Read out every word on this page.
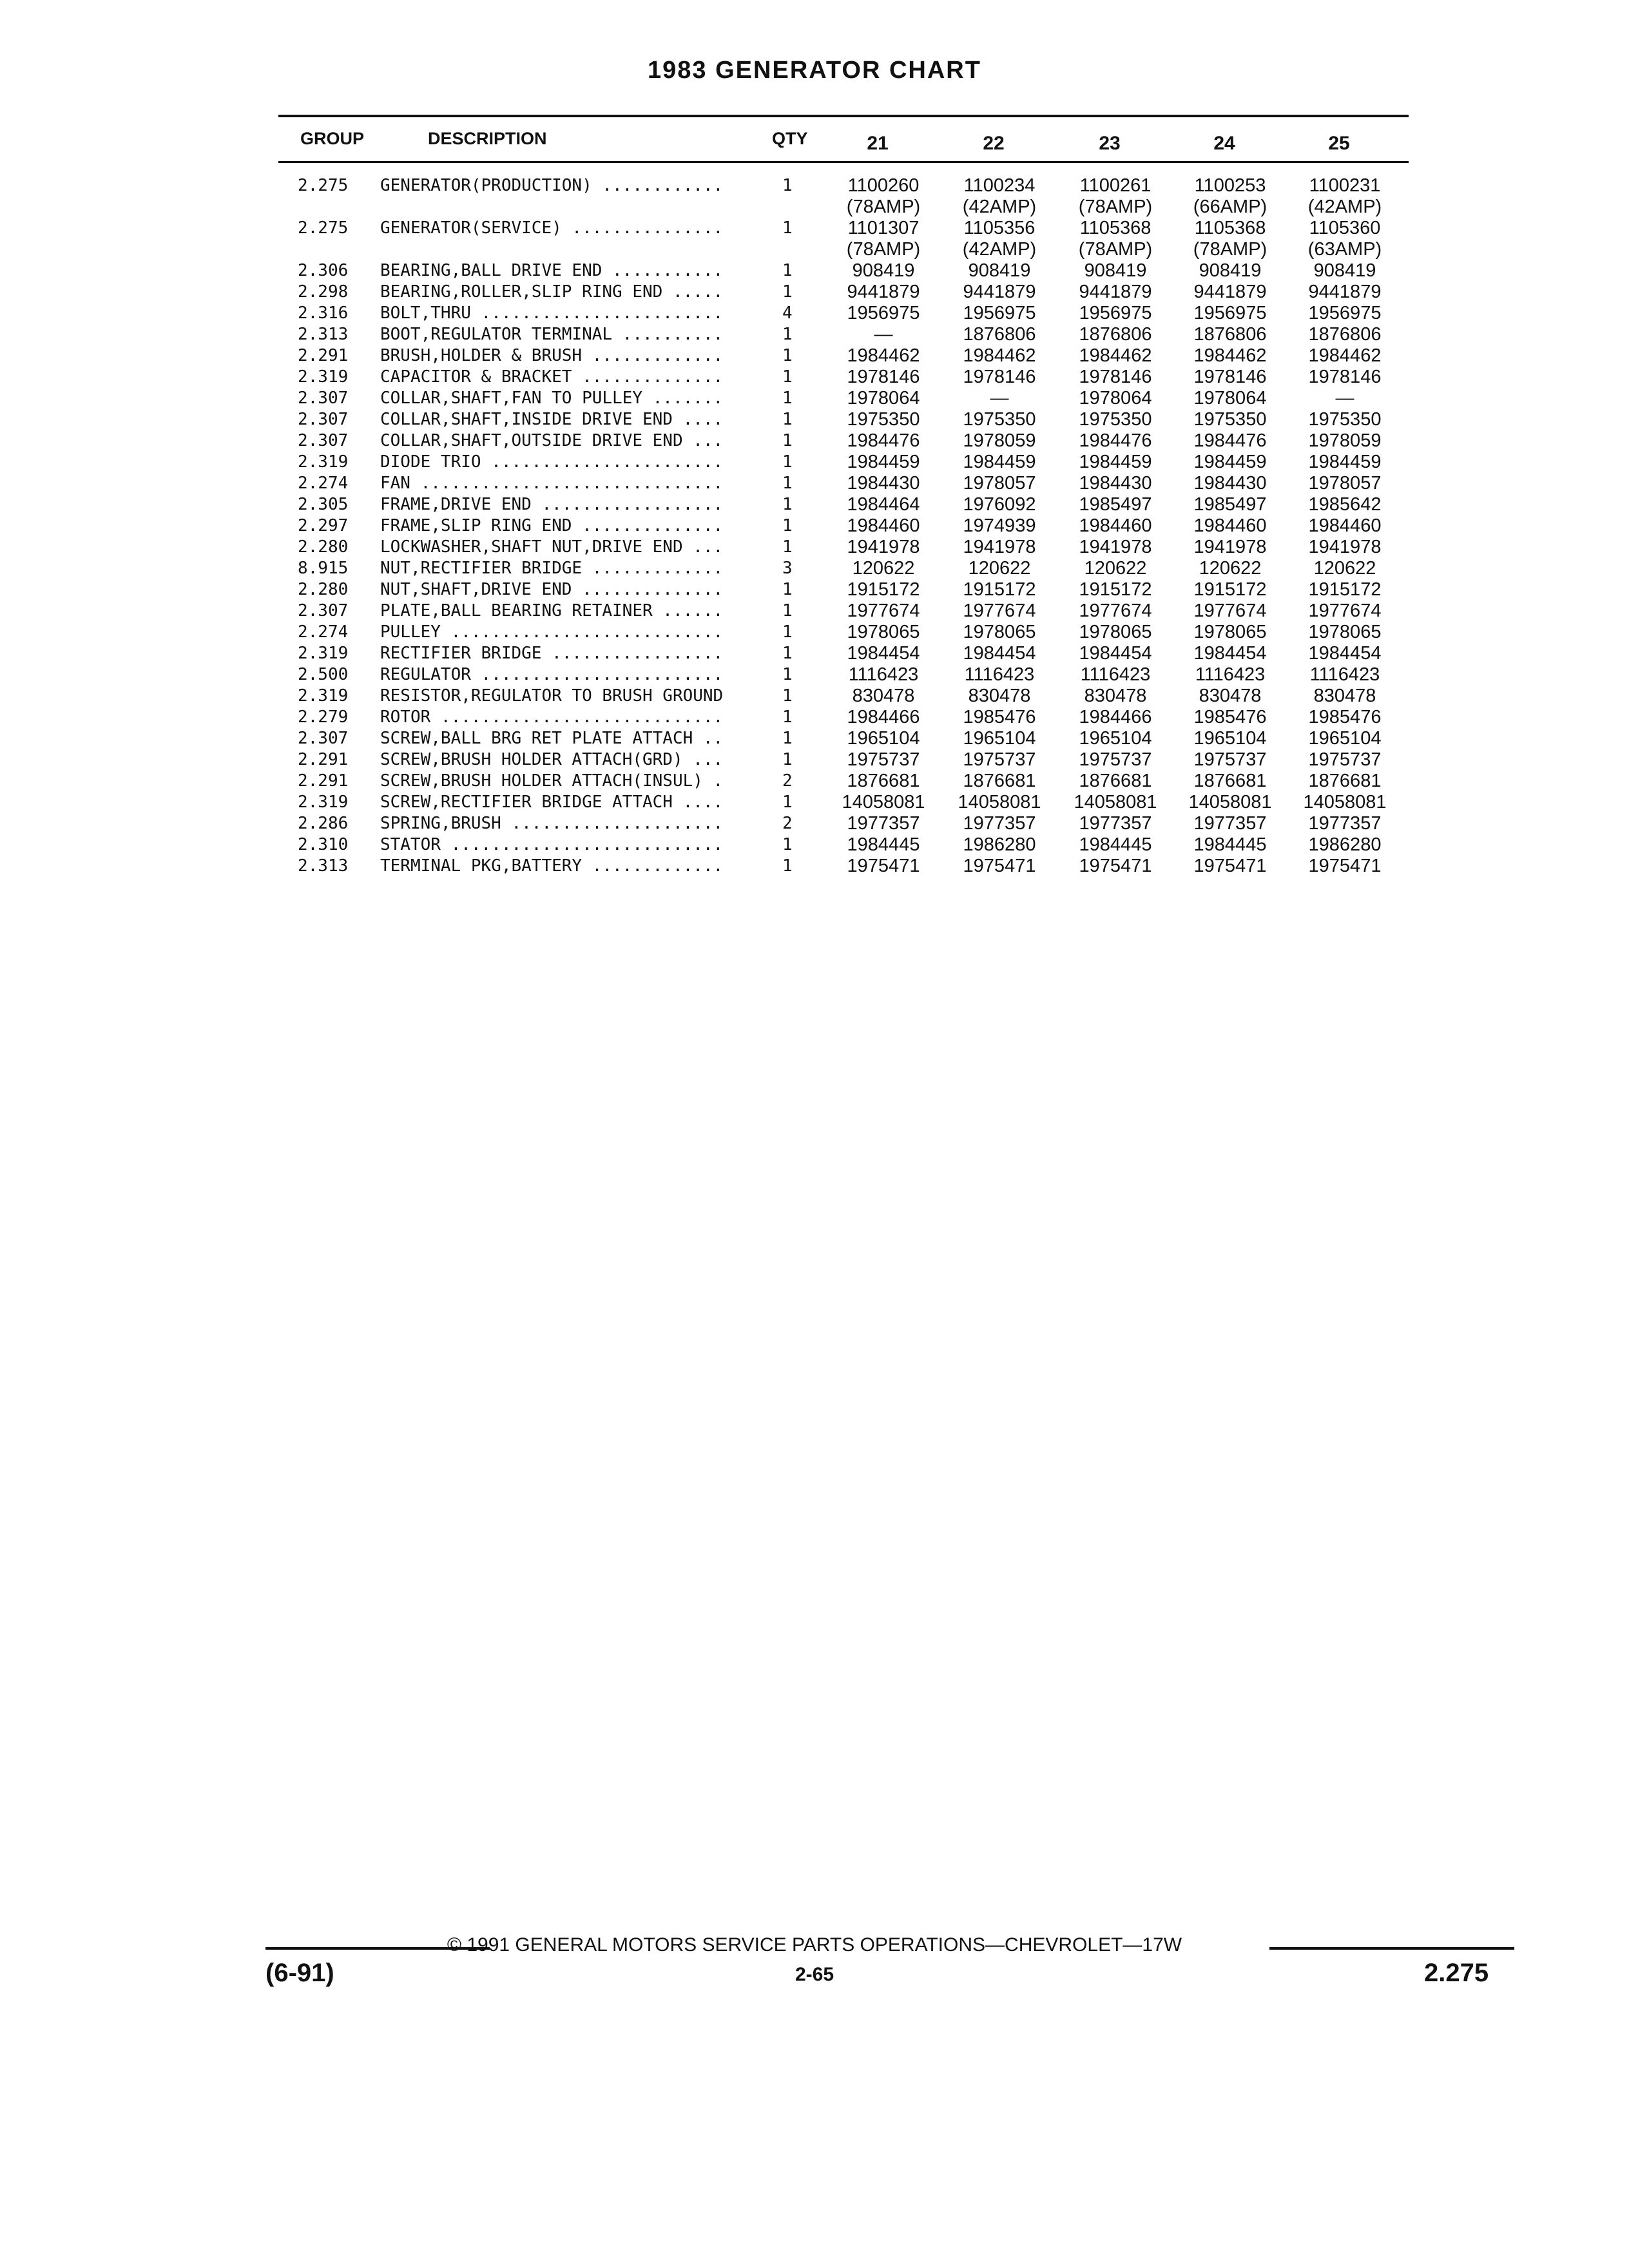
1983 GENERATOR CHART
GROUP	DESCRIPTION	QTY	21	22	23	24	25
2.275	GENERATOR(PRODUCTION) ............	1	1100260	1100234	1100261	1100253	1100231
(78AMP)	(42AMP)	(78AMP)	(66AMP)	(42AMP)
2.275	GENERATOR(SERVICE) ...............	1	1101307	1105356	1105368	1105368	1105360
(78AMP)	(42AMP)	(78AMP)	(78AMP)	(63AMP)
2.306	BEARING,BALL DRIVE END ...........	1	908419	908419	908419	908419	908419
2.298	BEARING,ROLLER,SLIP RING END .....	1	9441879	9441879	9441879	9441879	9441879
2.316	BOLT,THRU ........................	4	1956975	1956975	1956975	1956975	1956975
2.313	BOOT,REGULATOR TERMINAL ..........	1	—	1876806	1876806	1876806	1876806
2.291	BRUSH,HOLDER & BRUSH .............	1	1984462	1984462	1984462	1984462	1984462
2.319	CAPACITOR & BRACKET ..............	1	1978146	1978146	1978146	1978146	1978146
2.307	COLLAR,SHAFT,FAN TO PULLEY .......	1	1978064	—	1978064	1978064	—
2.307	COLLAR,SHAFT,INSIDE DRIVE END ....	1	1975350	1975350	1975350	1975350	1975350
2.307	COLLAR,SHAFT,OUTSIDE DRIVE END ...	1	1984476	1978059	1984476	1984476	1978059
2.319	DIODE TRIO .......................	1	1984459	1984459	1984459	1984459	1984459
2.274	FAN ..............................	1	1984430	1978057	1984430	1984430	1978057
2.305	FRAME,DRIVE END ..................	1	1984464	1976092	1985497	1985497	1985642
2.297	FRAME,SLIP RING END ..............	1	1984460	1974939	1984460	1984460	1984460
2.280	LOCKWASHER,SHAFT NUT,DRIVE END ...	1	1941978	1941978	1941978	1941978	1941978
8.915	NUT,RECTIFIER BRIDGE .............	3	120622	120622	120622	120622	120622
2.280	NUT,SHAFT,DRIVE END ..............	1	1915172	1915172	1915172	1915172	1915172
2.307	PLATE,BALL BEARING RETAINER ......	1	1977674	1977674	1977674	1977674	1977674
2.274	PULLEY ...........................	1	1978065	1978065	1978065	1978065	1978065
2.319	RECTIFIER BRIDGE .................	1	1984454	1984454	1984454	1984454	1984454
2.500	REGULATOR ........................	1	1116423	1116423	1116423	1116423	1116423
2.319	RESISTOR,REGULATOR TO BRUSH GROUND	1	830478	830478	830478	830478	830478
2.279	ROTOR ............................	1	1984466	1985476	1984466	1985476	1985476
2.307	SCREW,BALL BRG RET PLATE ATTACH ..	1	1965104	1965104	1965104	1965104	1965104
2.291	SCREW,BRUSH HOLDER ATTACH(GRD) ...	1	1975737	1975737	1975737	1975737	1975737
2.291	SCREW,BRUSH HOLDER ATTACH(INSUL) .	2	1876681	1876681	1876681	1876681	1876681
2.319	SCREW,RECTIFIER BRIDGE ATTACH ....	1	14058081	14058081	14058081	14058081	14058081
2.286	SPRING,BRUSH .....................	2	1977357	1977357	1977357	1977357	1977357
2.310	STATOR ...........................	1	1984445	1986280	1984445	1984445	1986280
2.313	TERMINAL PKG,BATTERY .............	1	1975471	1975471	1975471	1975471	1975471
© 1991 GENERAL MOTORS SERVICE PARTS OPERATIONS—CHEVROLET—17W
2-65
(6-91)	2.275
